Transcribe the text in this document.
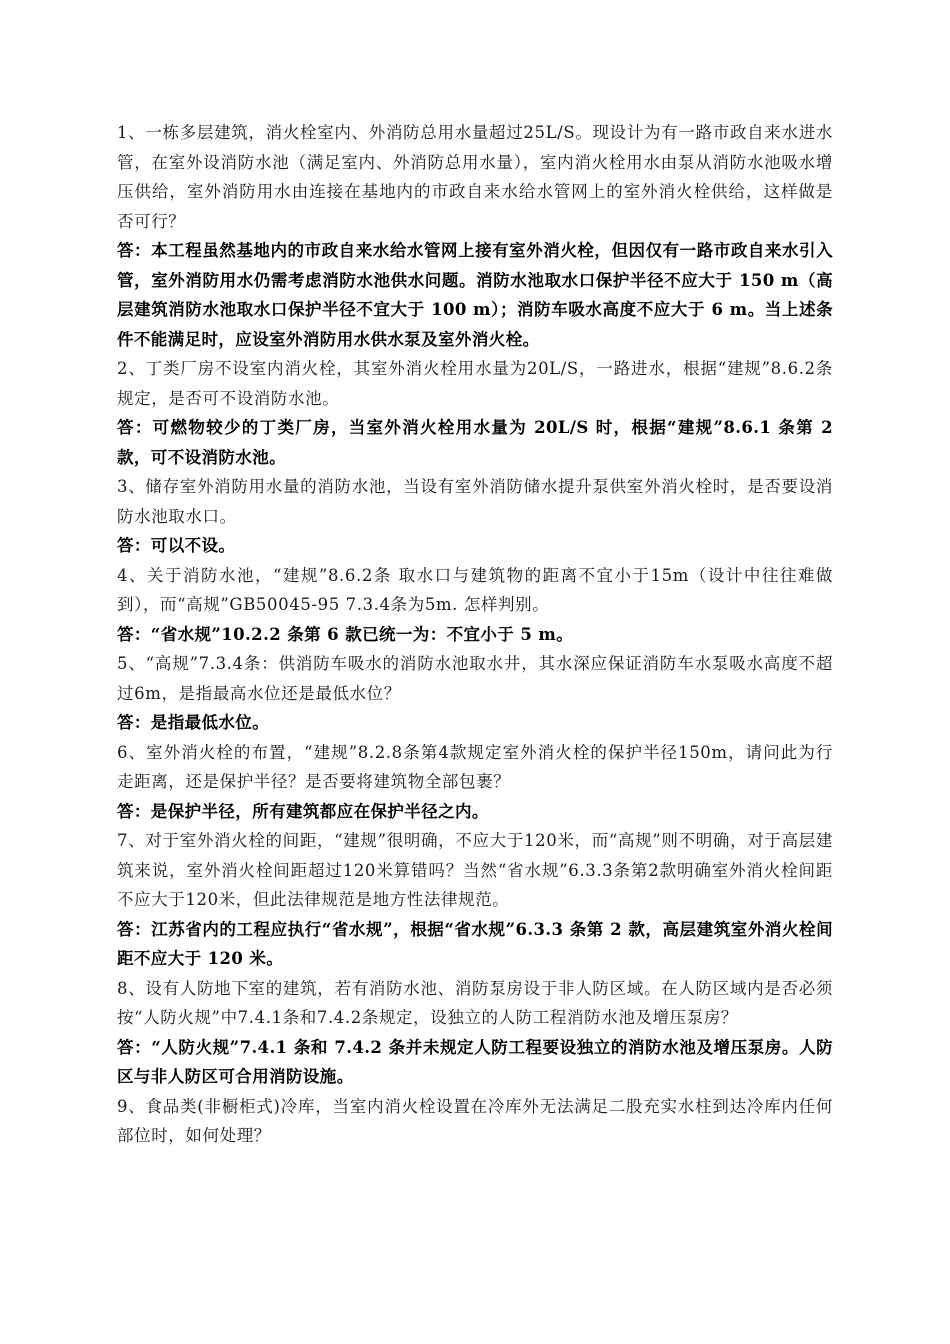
1、一栋多层建筑，消火栓室内、外消防总用水量超过25L/S。现设计为有一路市政自来水进水管，在室外设消防水池（满足室内、外消防总用水量），室内消火栓用水由泵从消防水池吸水增压供给，室外消防用水由连接在基地内的市政自来水给水管网上的室外消火栓供给，这样做是否可行？

答：本工程虽然基地内的市政自来水给水管网上接有室外消火栓，但因仅有一路市政自来水引入管，室外消防用水仍需考虑消防水池供水问题。消防水池取水口保护半径不应大于 150 m（高层建筑消防水池取水口保护半径不宜大于 100 m）；消防车吸水高度不应大于 6 m。当上述条件不能满足时，应设室外消防用水供水泵及室外消火栓。

2、丁类厂房不设室内消火栓，其室外消火栓用水量为20L/S，一路进水，根据“建规”8.6.2条规定，是否可不设消防水池。

答：可燃物较少的丁类厂房，当室外消火栓用水量为 20L/S 时，根据“建规”8.6.1 条第 2 款，可不设消防水池。

3、储存室外消防用水量的消防水池，当设有室外消防储水提升泵供室外消火栓时，是否要设消防水池取水口。

答：可以不设。

4、关于消防水池，“建规”8.6.2条 取水口与建筑物的距离不宜小于15m（设计中往往难做到），而“高规”GB50045-95 7.3.4条为5m. 怎样判别。

答：“省水规”10.2.2 条第 6 款已统一为：不宜小于 5 m。

5、“高规”7.3.4条：供消防车吸水的消防水池取水井，其水深应保证消防车水泵吸水高度不超过6m，是指最高水位还是最低水位？

答：是指最低水位。

6、室外消火栓的布置，“建规”8.2.8条第4款规定室外消火栓的保护半径150m，请问此为行走距离，还是保护半径？是否要将建筑物全部包裹？

答：是保护半径，所有建筑都应在保护半径之内。

7、对于室外消火栓的间距，“建规”很明确，不应大于120米，而“高规”则不明确，对于高层建筑来说，室外消火栓间距超过120米算错吗？当然“省水规”6.3.3条第2款明确室外消火栓间距不应大于120米，但此法律规范是地方性法律规范。

答：江苏省内的工程应执行“省水规”，根据“省水规”6.3.3 条第 2 款，高层建筑室外消火栓间距不应大于 120 米。

8、设有人防地下室的建筑，若有消防水池、消防泵房设于非人防区域。在人防区域内是否必须按“人防火规”中7.4.1条和7.4.2条规定，设独立的人防工程消防水池及增压泵房？

答：“人防火规”7.4.1 条和 7.4.2 条并未规定人防工程要设独立的消防水池及增压泵房。人防区与非人防区可合用消防设施。

9、食品类(非橱柜式)冷库，当室内消火栓设置在冷库外无法满足二股充实水柱到达冷库内任何部位时，如何处理？
